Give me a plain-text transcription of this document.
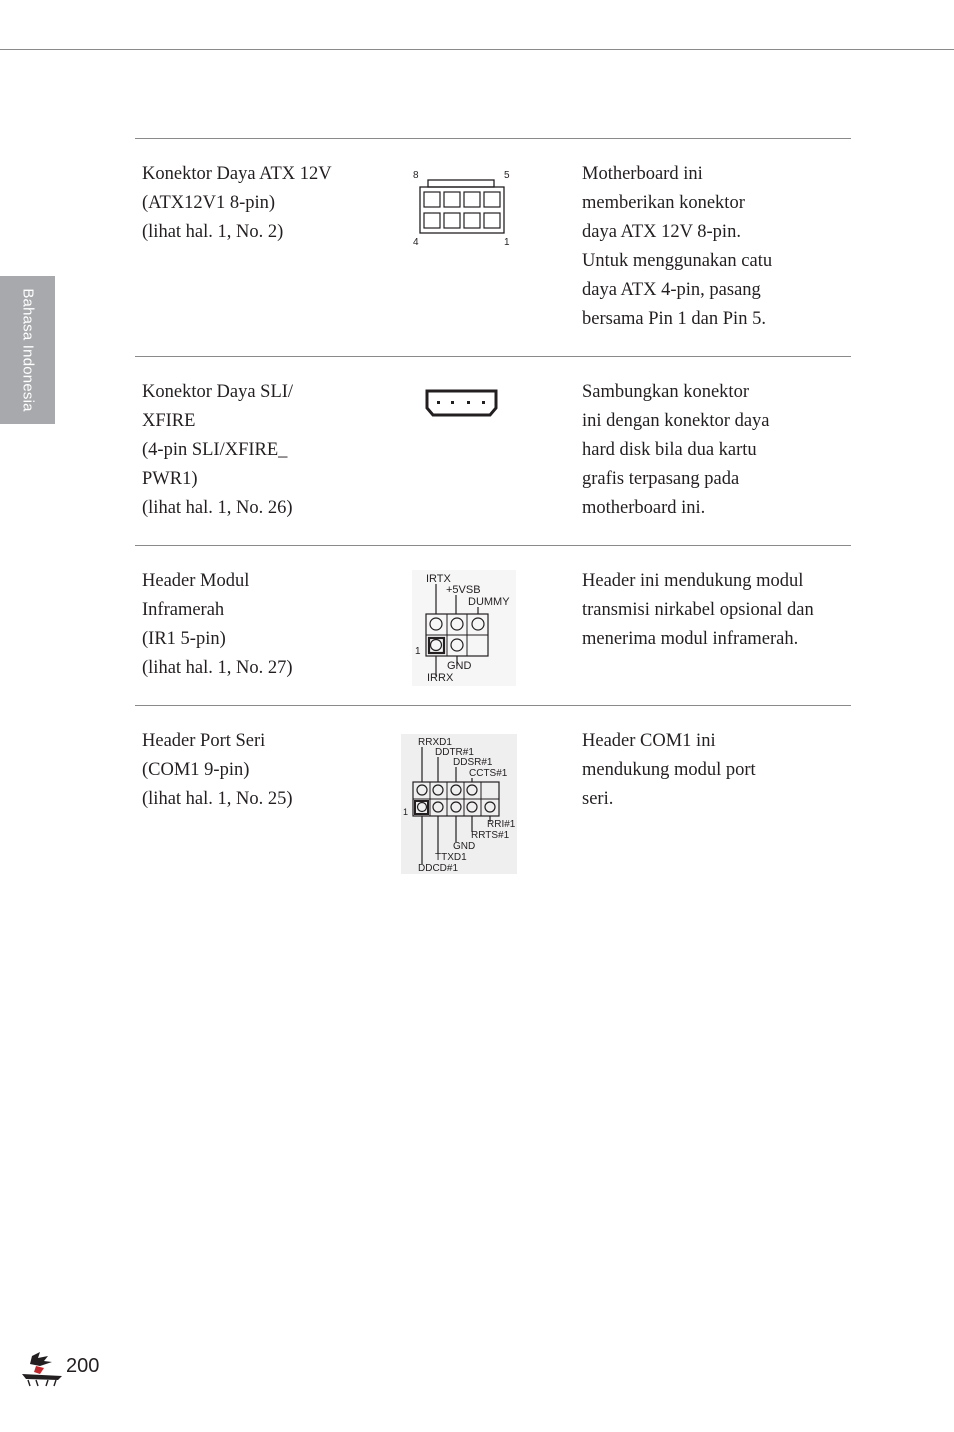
Bahasa Indonesia
Konektor Daya ATX 12V
(ATX12V1 8-pin)
(lihat hal. 1, No. 2)
8	5
4	1
Motherboard ini
memberikan konektor
daya ATX 12V 8-pin.
Untuk menggunakan catu
daya ATX 4-pin, pasang
bersama Pin 1 dan Pin 5.
Konektor Daya SLI/
XFIRE
(4-pin SLI/XFIRE_
PWR1)
(lihat hal. 1, No. 26)
Sambungkan konektor
ini dengan konektor daya
hard disk bila dua kartu
grafis terpasang pada
motherboard ini.
Header Modul
Inframerah
(IR1 5-pin)
(lihat hal. 1, No. 27)
IRTX
+5VSB
DUMMY
1
GND
IRRX
Header ini mendukung modul
transmisi nirkabel opsional dan
menerima modul inframerah.
Header Port Seri
(COM1 9-pin)
(lihat hal. 1, No. 25)
RRXD1
DDTR#1
DDSR#1
CCTS#1
1
RRI#1
RRTS#1
GND
TTXD1
DDCD#1
Header COM1 ini
mendukung modul port
seri.
200
